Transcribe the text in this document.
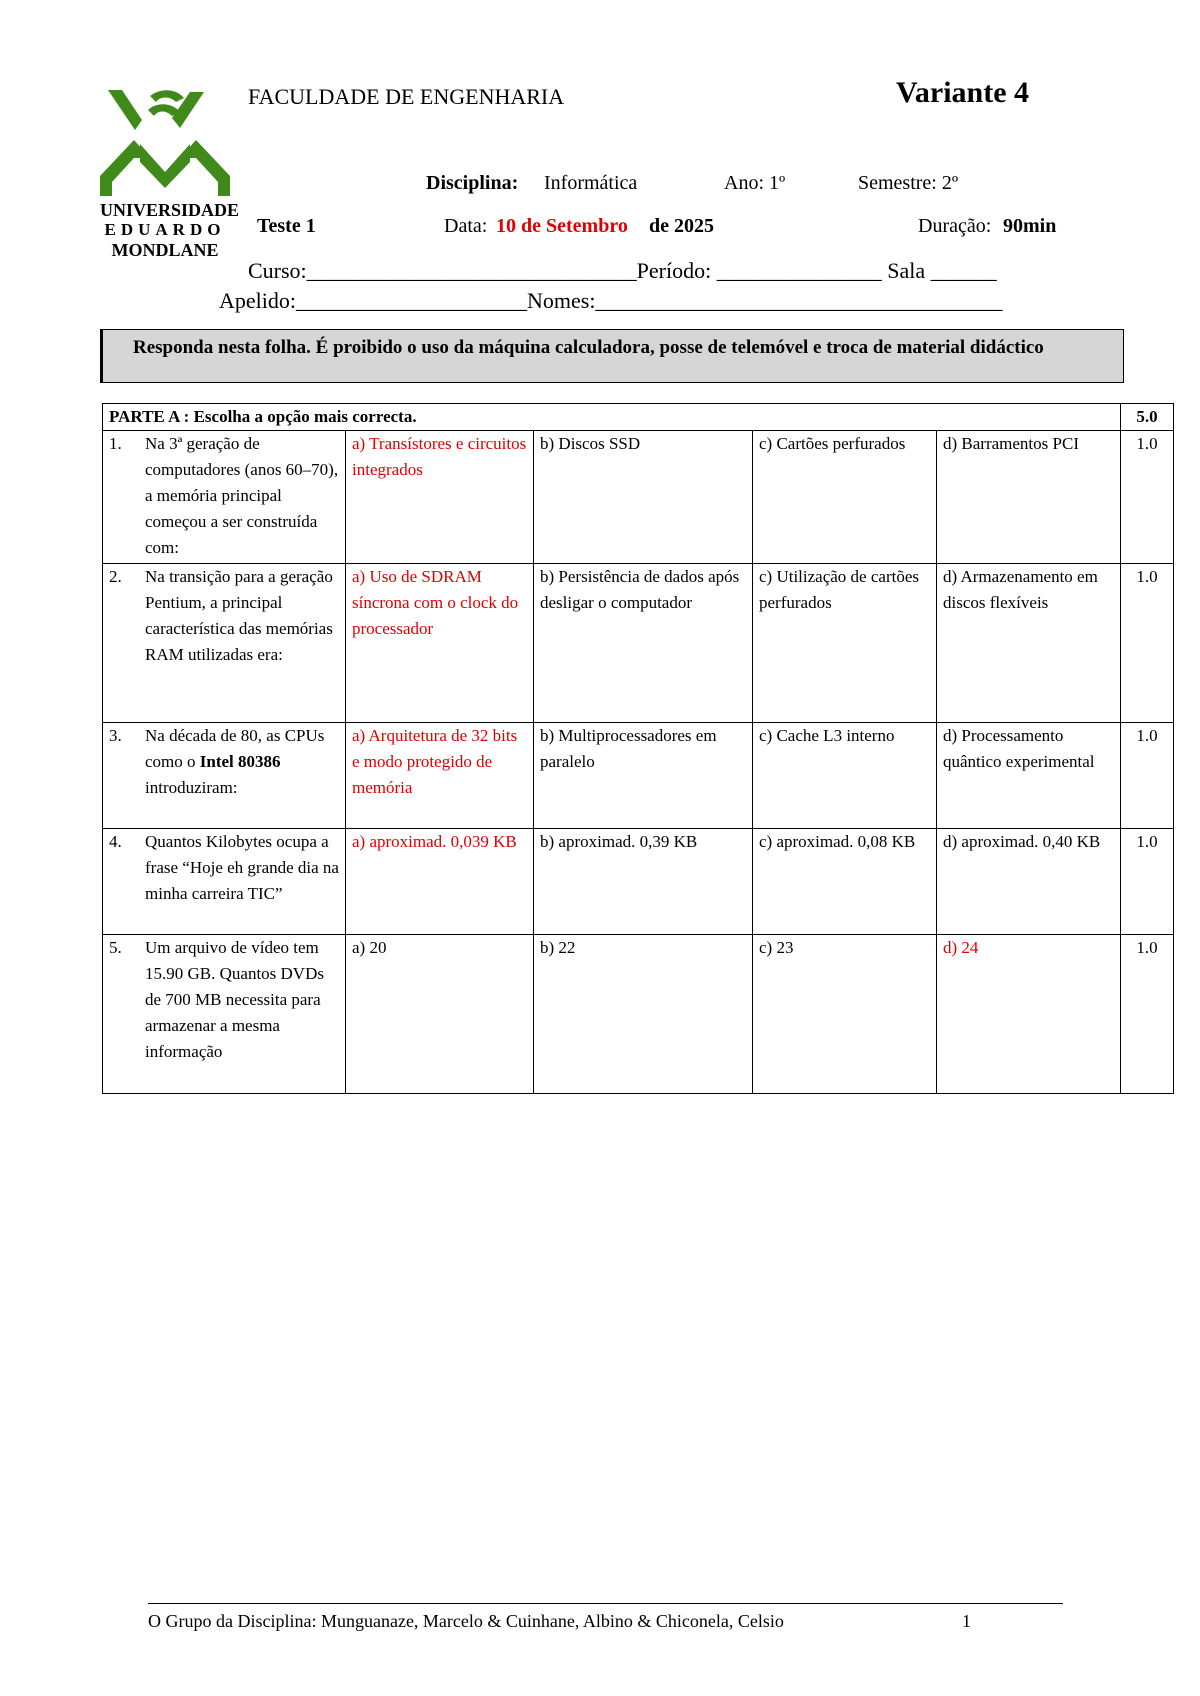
UNIVERSIDADE
EDUARDO
MONDLANE
FACULDADE DE ENGENHARIA	Variante 4
Disciplina: Informática	Ano: 1º	Semestre: 2º
Teste 1	Data: 10 de Setembro de 2025	Duração: 90min
Curso:______________________________Período: _______________ Sala ______
Apelido:_____________________Nomes:_____________________________________
Responda nesta folha. É proibido o uso da máquina calculadora, posse de telemóvel e troca de material didáctico
PARTE A : Escolha a opção mais correcta.					5.0

1. Na 3ª geração de computadores (anos 60–70), a memória principal começou a ser construída com:	a) Transístores e circuitos integrados	b) Discos SSD	c) Cartões perfurados	d) Barramentos PCI	1.0

2. Na transição para a geração Pentium, a principal característica das memórias RAM utilizadas era:	a) Uso de SDRAM síncrona com o clock do processador	b) Persistência de dados após desligar o computador	c) Utilização de cartões perfurados	d) Armazenamento em discos flexíveis	1.0

3. Na década de 80, as CPUs como o Intel 80386 introduziram:	a) Arquitetura de 32 bits e modo protegido de memória	b) Multiprocessadores em paralelo	c) Cache L3 interno	d) Processamento quântico experimental	1.0

4. Quantos Kilobytes ocupa a frase “Hoje eh grande dia na minha carreira TIC”	a) aproximad. 0,039 KB	b) aproximad. 0,39 KB	c) aproximad. 0,08 KB	d) aproximad. 0,40 KB	1.0

5. Um arquivo de vídeo tem 15.90 GB. Quantos DVDs de 700 MB necessita para armazenar a mesma informação	a) 20	b) 22	c) 23	d) 24	1.0
O Grupo da Disciplina: Munguanaze, Marcelo & Cuinhane, Albino & Chiconela, Celsio	1
